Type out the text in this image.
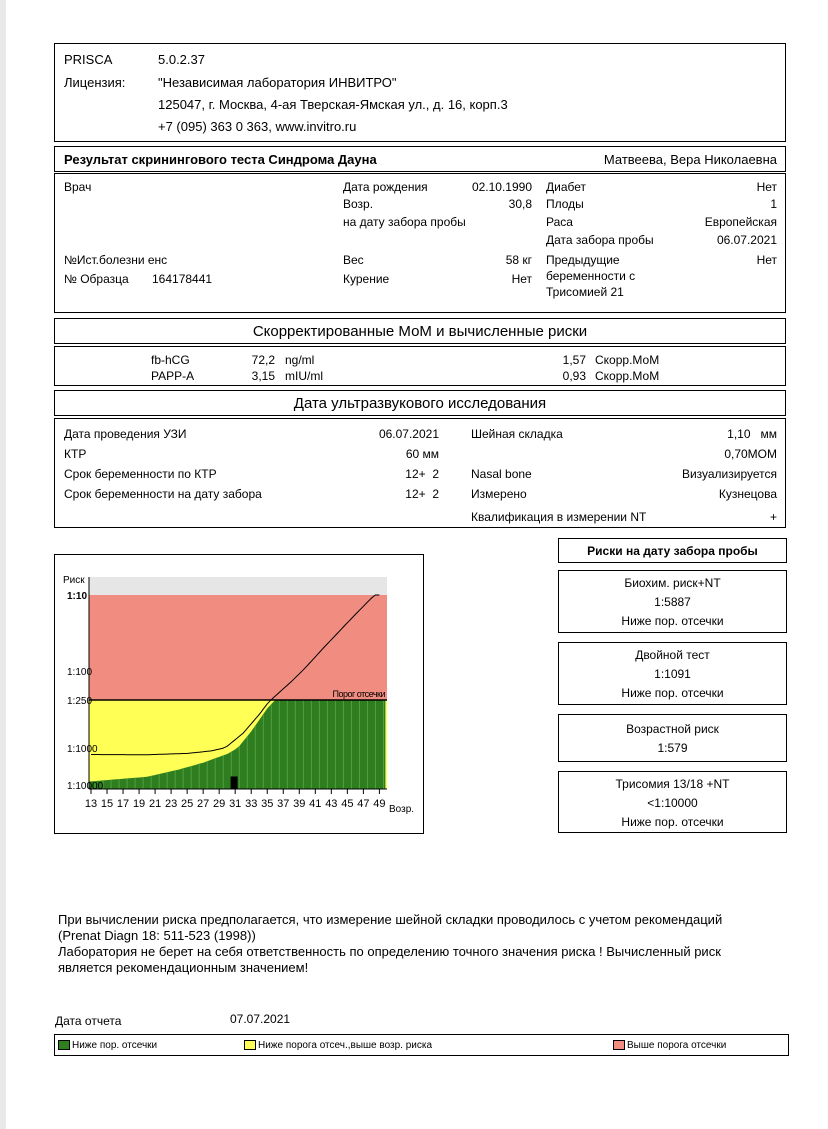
PRISCA	5.0.2.37
Лицензия:	"Независимая лаборатория ИНВИТРО"
125047, г. Москва, 4-ая Тверская-Ямская ул., д. 16, корп.3
+7 (095) 363 0 363, www.invitro.ru
Результат скринингового теста Синдрома Дауна	Матвеева, Вера Николаевна
Врач
№Ист.болезни енс
№ Образца 164178441
Дата рождения	02.10.1990
Возр.	30,8
на дату забора пробы
Вес	58 кг
Курение	Нет
Диабет	Нет
Плоды	1
Раса	Европейская
Дата забора пробы	06.07.2021
Предыдущие
беременности с
Трисомией 21
Нет
Скорректированные МоМ и вычисленные риски
fb-hCG	72,2 ng/ml	1,57 Скорр.МоМ
PAPP-A	3,15 mIU/ml	0,93 Скорр.МоМ
Дата ультразвукового исследования
Дата проведения УЗИ	06.07.2021
КТР	60 мм
Срок беременности по КТР	12+  2
Срок беременности на дату забора	12+  2
Шейная складка	1,10   мм
0,70МОМ
Nasal bone	Визуализируется
Измерено	Кузнецова
Квалификация в измерении NT	+
Риск
Возр.
Порог отсечки
1:10
1:100
1:250
1:1000
1:10000
13 15 17 19 21 23 25 27 29 31 33 35 37 39 41 43 45 47 49
Риски на дату забора пробы
Биохим. риск+NT
1:5887
Ниже пор. отсечки
Двойной тест
1:1091
Ниже пор. отсечки
Возрастной риск
1:579
Трисомия 13/18 +NT
<1:10000
Ниже пор. отсечки
При вычислении риска предполагается, что измерение шейной складки проводилось с учетом рекомендаций
(Prenat Diagn 18: 511-523 (1998))
Лаборатория не берет на себя ответственность по определению точного значения риска ! Вычисленный риск
является рекомендационным значением!
Дата отчета	07.07.2021
Ниже пор. отсечки	Ниже порога отсеч.,выше возр. риска	Выше порога отсечки
